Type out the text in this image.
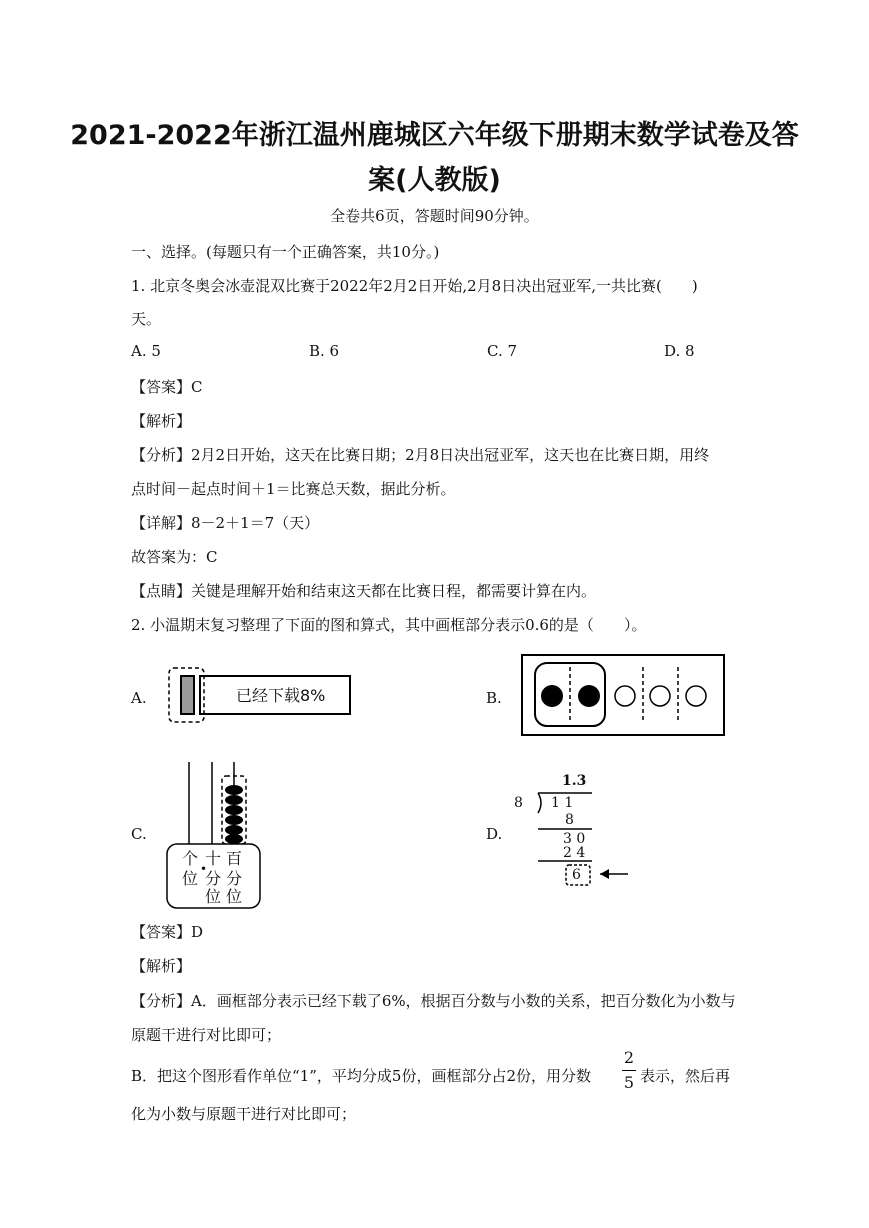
2021-2022年浙江温州鹿城区六年级下册期末数学试卷及答
案(人教版)
全卷共6页，答题时间90分钟。
一、选择。(每题只有一个正确答案，共10分。)
1. 北京冬奥会冰壶混双比赛于2022年2月2日开始,2月8日决出冠亚军,一共比赛(　　)
天。
A. 5	B. 6	C. 7	D. 8
【答案】C
【解析】
【分析】2月2日开始，这天在比赛日期；2月8日决出冠亚军，这天也在比赛日期，用终
点时间－起点时间＋1＝比赛总天数，据此分析。
【详解】8－2＋1＝7（天）
故答案为：C
【点睛】关键是理解开始和结束这天都在比赛日程，都需要计算在内。
2. 小温期末复习整理了下面的图和算式，其中画框部分表示0.6的是（　　）。
A.	已经下载8%	B.
C.
个
位 •
十
分
位
百
分
位
D.
1.3
8 1 1
8
3 0
2 4
6
【答案】D
【解析】
【分析】A．画框部分表示已经下载了6%，根据百分数与小数的关系，把百分数化为小数与
原题干进行对比即可；
B．把这个图形看作单位“1”，平均分成5份，画框部分占2份，用分数
2
5 表示，然后再
化为小数与原题干进行对比即可；
